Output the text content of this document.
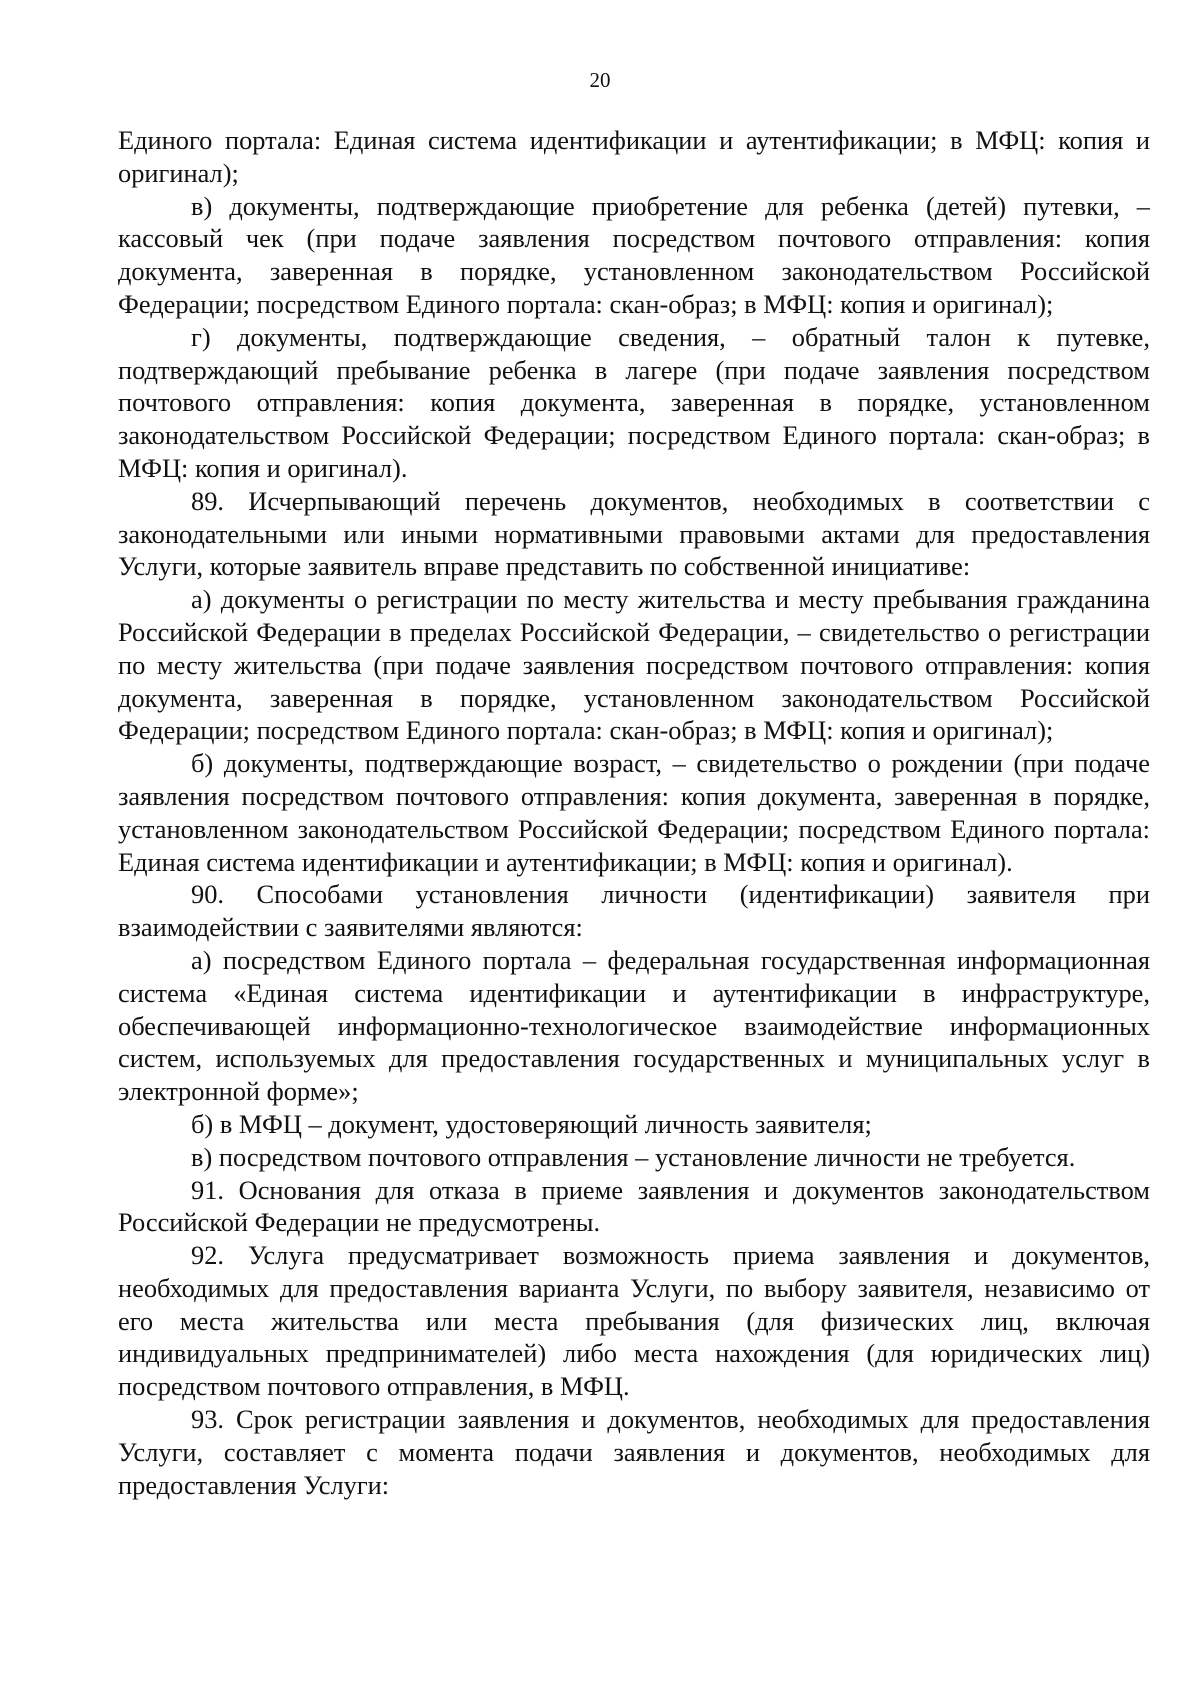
20

Единого портала: Единая система идентификации и аутентификации; в МФЦ: копия и оригинал);

в) документы, подтверждающие приобретение для ребенка (детей) путевки, – кассовый чек (при подаче заявления посредством почтового отправления: копия документа, заверенная в порядке, установленном законодательством Российской Федерации; посредством Единого портала: скан-образ; в МФЦ: копия и оригинал);

г) документы, подтверждающие сведения, – обратный талон к путевке, подтверждающий пребывание ребенка в лагере (при подаче заявления посредством почтового отправления: копия документа, заверенная в порядке, установленном законодательством Российской Федерации; посредством Единого портала: скан-образ; в МФЦ: копия и оригинал).

89. Исчерпывающий перечень документов, необходимых в соответствии с законодательными или иными нормативными правовыми актами для предоставления Услуги, которые заявитель вправе представить по собственной инициативе:

а) документы о регистрации по месту жительства и месту пребывания гражданина Российской Федерации в пределах Российской Федерации, – свидетельство о регистрации по месту жительства (при подаче заявления посредством почтового отправления: копия документа, заверенная в порядке, установленном законодательством Российской Федерации; посредством Единого портала: скан-образ; в МФЦ: копия и оригинал);

б) документы, подтверждающие возраст, – свидетельство о рождении (при подаче заявления посредством почтового отправления: копия документа, заверенная в порядке, установленном законодательством Российской Федерации; посредством Единого портала: Единая система идентификации и аутентификации; в МФЦ: копия и оригинал).

90. Способами установления личности (идентификации) заявителя при взаимодействии с заявителями являются:

а) посредством Единого портала – федеральная государственная информационная система «Единая система идентификации и аутентификации в инфраструктуре, обеспечивающей информационно-технологическое взаимодействие информационных систем, используемых для предоставления государственных и муниципальных услуг в электронной форме»;

б) в МФЦ – документ, удостоверяющий личность заявителя;

в) посредством почтового отправления – установление личности не требуется.

91. Основания для отказа в приеме заявления и документов законодательством Российской Федерации не предусмотрены.

92. Услуга предусматривает возможность приема заявления и документов, необходимых для предоставления варианта Услуги, по выбору заявителя, независимо от его места жительства или места пребывания (для физических лиц, включая индивидуальных предпринимателей) либо места нахождения (для юридических лиц) посредством почтового отправления, в МФЦ.

93. Срок регистрации заявления и документов, необходимых для предоставления Услуги, составляет с момента подачи заявления и документов, необходимых для предоставления Услуги:
